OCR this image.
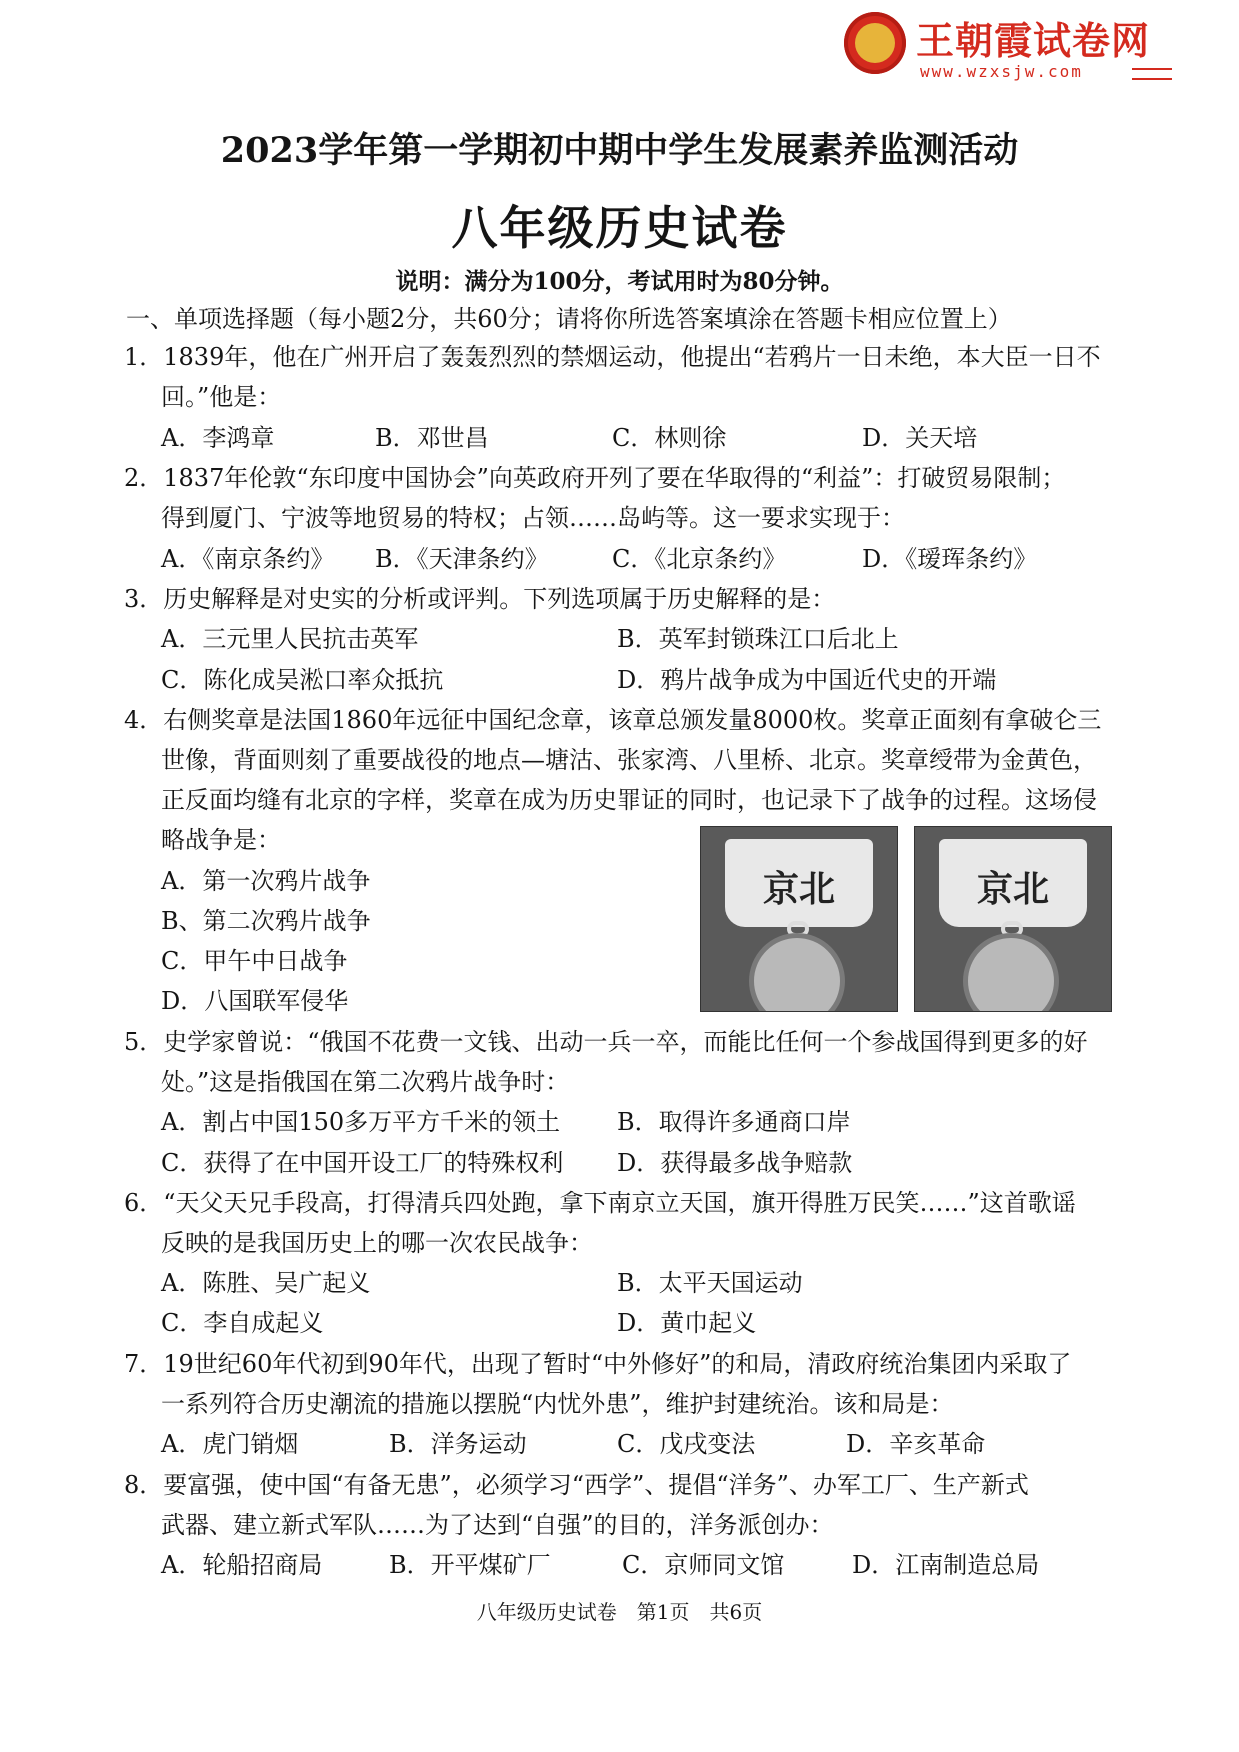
王朝霞试卷网
www.wzxsjw.com
2023学年第一学期初中期中学生发展素养监测活动
八年级历史试卷
说明：满分为100分，考试用时为80分钟。
一、单项选择题（每小题2分，共60分；请将你所选答案填涂在答题卡相应位置上）
1．1839年，他在广州开启了轰轰烈烈的禁烟运动，他提出“若鸦片一日未绝，本大臣一日不
回。”他是：
A．李鸿章	B．邓世昌	C．林则徐	D．关天培
2．1837年伦敦“东印度中国协会”向英政府开列了要在华取得的“利益”：打破贸易限制；
得到厦门、宁波等地贸易的特权；占领……岛屿等。这一要求实现于：
A．《南京条约》 B．《天津条约》	C．《北京条约》	D．《瑷珲条约》
3．历史解释是对史实的分析或评判。下列选项属于历史解释的是：
A．三元里人民抗击英军	B．英军封锁珠江口后北上
C．陈化成吴淞口率众抵抗	D．鸦片战争成为中国近代史的开端
4．右侧奖章是法国1860年远征中国纪念章，该章总颁发量8000枚。奖章正面刻有拿破仑三
世像，背面则刻了重要战役的地点—塘沽、张家湾、八里桥、北京。奖章绶带为金黄色，
正反面均缝有北京的字样，奖章在成为历史罪证的同时，也记录下了战争的过程。这场侵
略战争是：
A．第一次鸦片战争
B、第二次鸦片战争
C．甲午中日战争
D．八国联军侵华
京北	京北
5．史学家曾说：“俄国不花费一文钱、出动一兵一卒，而能比任何一个参战国得到更多的好
处。”这是指俄国在第二次鸦片战争时：
A．割占中国150多万平方千米的领土 B．取得许多通商口岸
C．获得了在中国开设工厂的特殊权利 D．获得最多战争赔款
6．“天父天兄手段高，打得清兵四处跑，拿下南京立天国，旗开得胜万民笑……”这首歌谣
反映的是我国历史上的哪一次农民战争：
A．陈胜、吴广起义	B．太平天国运动
C．李自成起义	D．黄巾起义
7．19世纪60年代初到90年代，出现了暂时“中外修好”的和局，清政府统治集团内采取了
一系列符合历史潮流的措施以摆脱“内忧外患”，维护封建统治。该和局是：
A．虎门销烟	B．洋务运动	C．戊戌变法	D．辛亥革命
8．要富强，使中国“有备无患”，必须学习“西学”、提倡“洋务”、办军工厂、生产新式
武器、建立新式军队……为了达到“自强”的目的，洋务派创办：
A．轮船招商局	B．开平煤矿厂	C．京师同文馆	D．江南制造总局
八年级历史试卷　第1页　共6页
